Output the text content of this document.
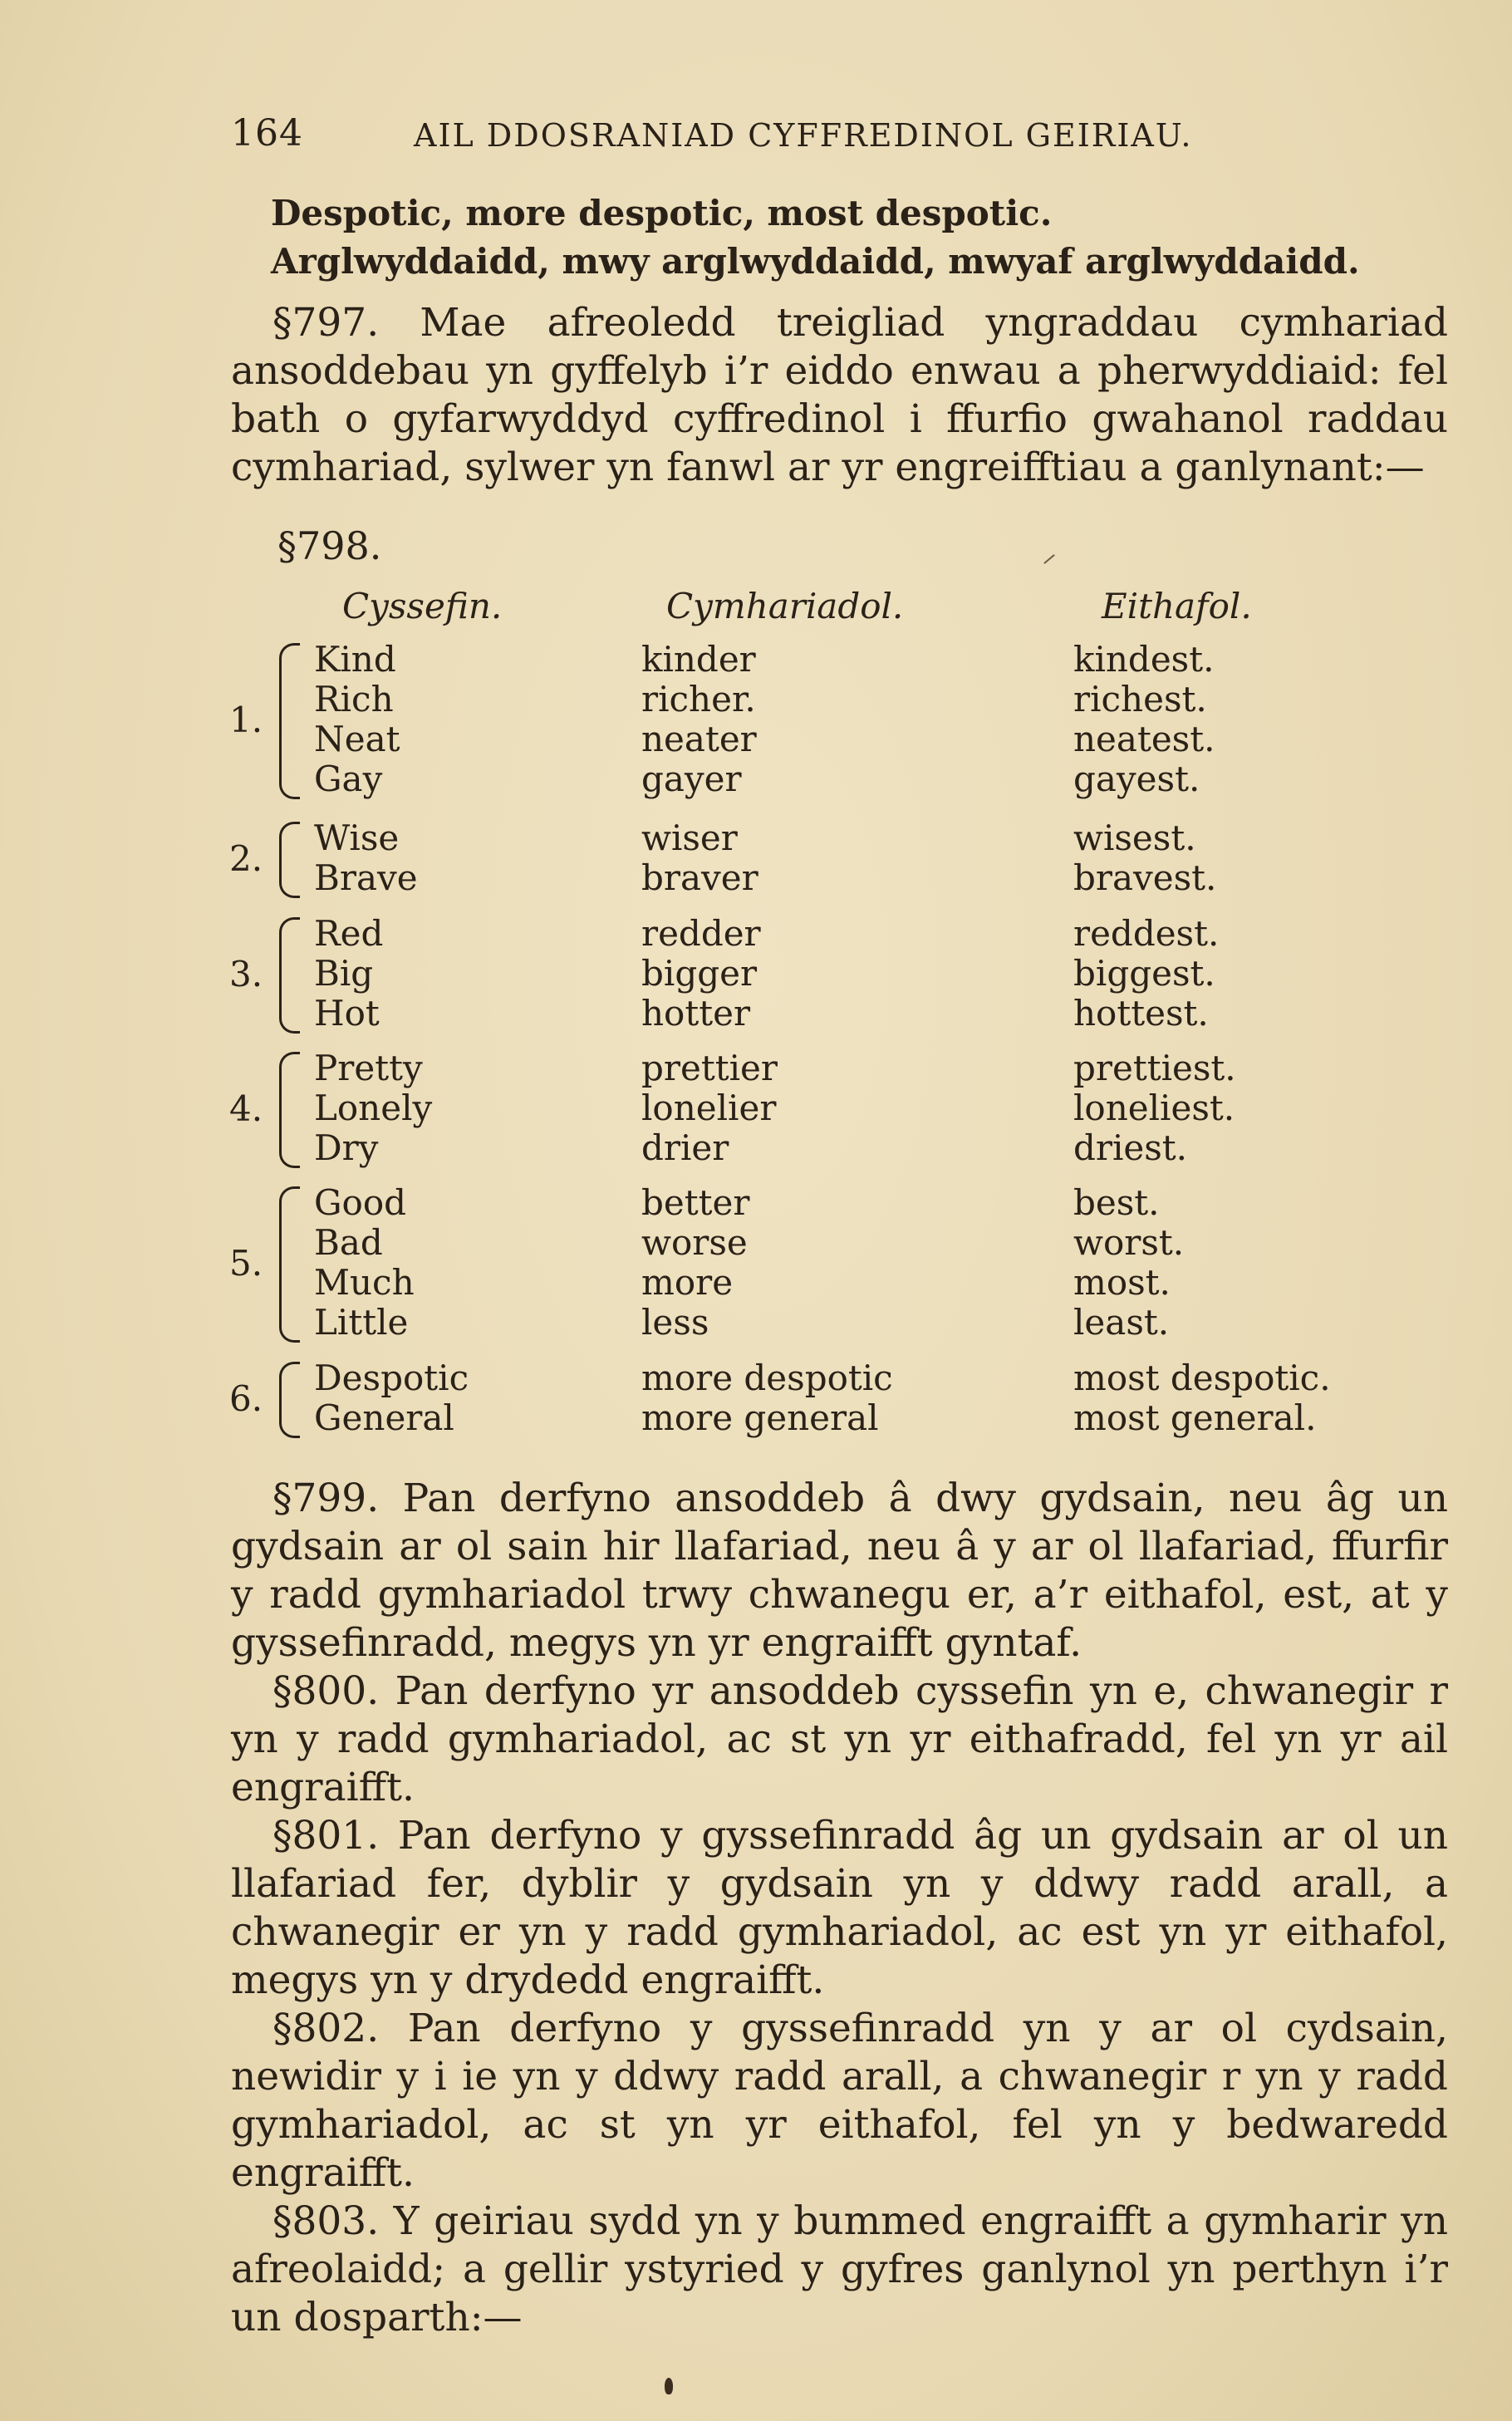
164	AIL DDOSRANIAD CYFFREDINOL GEIRIAU.
Despotic, more despotic, most despotic.
Arglwyddaidd, mwy arglwyddaidd, mwyaf arglwyddaidd.

§797. Mae afreoledd treigliad yngraddau cymhariad ansoddebau yn gyffelyb i’r eiddo enwau a pherwyddiaid: fel bath o gyfarwyddyd cyffredinol i ffurfio gwahanol raddau cymhariad, sylwer yn fanwl ar yr engreifftiau a ganlynant:—

§798.
Cyssefin.	Cymhariadol.	Eithafol.
1.
Kind	kinder	kindest.
Rich	richer.	richest.
Neat	neater	neatest.
Gay	gayer	gayest.
2.
Wise	wiser	wisest.
Brave	braver	bravest.
3.
Red	redder	reddest.
Big	bigger	biggest.
Hot	hotter	hottest.
4.
Pretty	prettier	prettiest.
Lonely	lonelier	loneliest.
Dry	drier	driest.
5.
Good	better	best.
Bad	worse	worst.
Much	more	most.
Little	less	least.
6.
Despotic	more despotic	most despotic.
General	more general	most general.

§799. Pan derfyno ansoddeb â dwy gydsain, neu âg un gydsain ar ol sain hir llafariad, neu â y ar ol llafariad, ffurfir y radd gymhariadol trwy chwanegu er, a’r eithafol, est, at y gyssefinradd, megys yn yr engraifft gyntaf.

§800. Pan derfyno yr ansoddeb cyssefin yn e, chwanegir r yn y radd gymhariadol, ac st yn yr eithafradd, fel yn yr ail engraifft.

§801. Pan derfyno y gyssefinradd âg un gydsain ar ol un llafariad fer, dyblir y gydsain yn y ddwy radd arall, a chwanegir er yn y radd gymhariadol, ac est yn yr eithafol, megys yn y drydedd engraifft.

§802. Pan derfyno y gyssefinradd yn y ar ol cydsain, newidir y i ie yn y ddwy radd arall, a chwanegir r yn y radd gymhariadol, ac st yn yr eithafol, fel yn y bedwaredd engraifft.

§803. Y geiriau sydd yn y bummed engraifft a gymharir yn afreolaidd; a gellir ystyried y gyfres ganlynol yn perthyn i’r un dosparth:—
